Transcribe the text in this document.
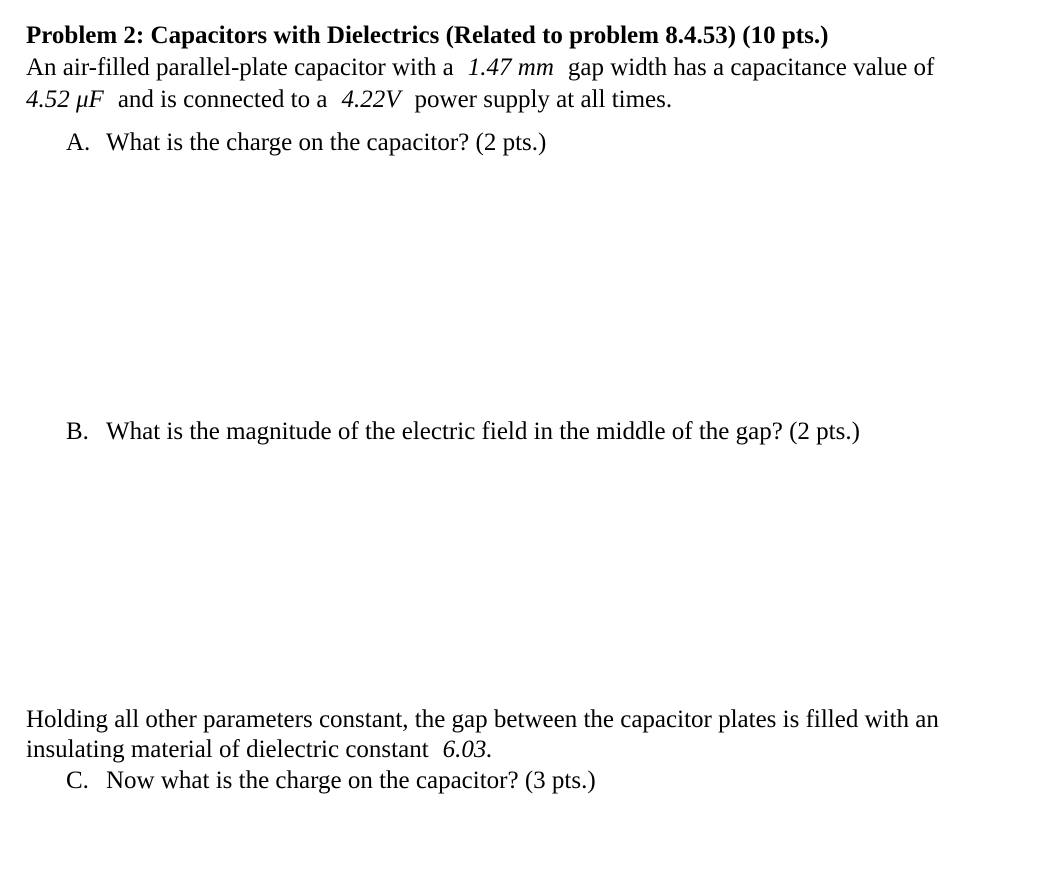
Problem 2: Capacitors with Dielectrics (Related to problem 8.4.53) (10 pts.)
An air-filled parallel-plate capacitor with a 1.47 mm gap width has a capacitance value of
4.52 μF and is connected to a 4.22V power supply at all times.
A. What is the charge on the capacitor? (2 pts.)
B. What is the magnitude of the electric field in the middle of the gap? (2 pts.)
Holding all other parameters constant, the gap between the capacitor plates is filled with an
insulating material of dielectric constant 6.03.
C. Now what is the charge on the capacitor? (3 pts.)
